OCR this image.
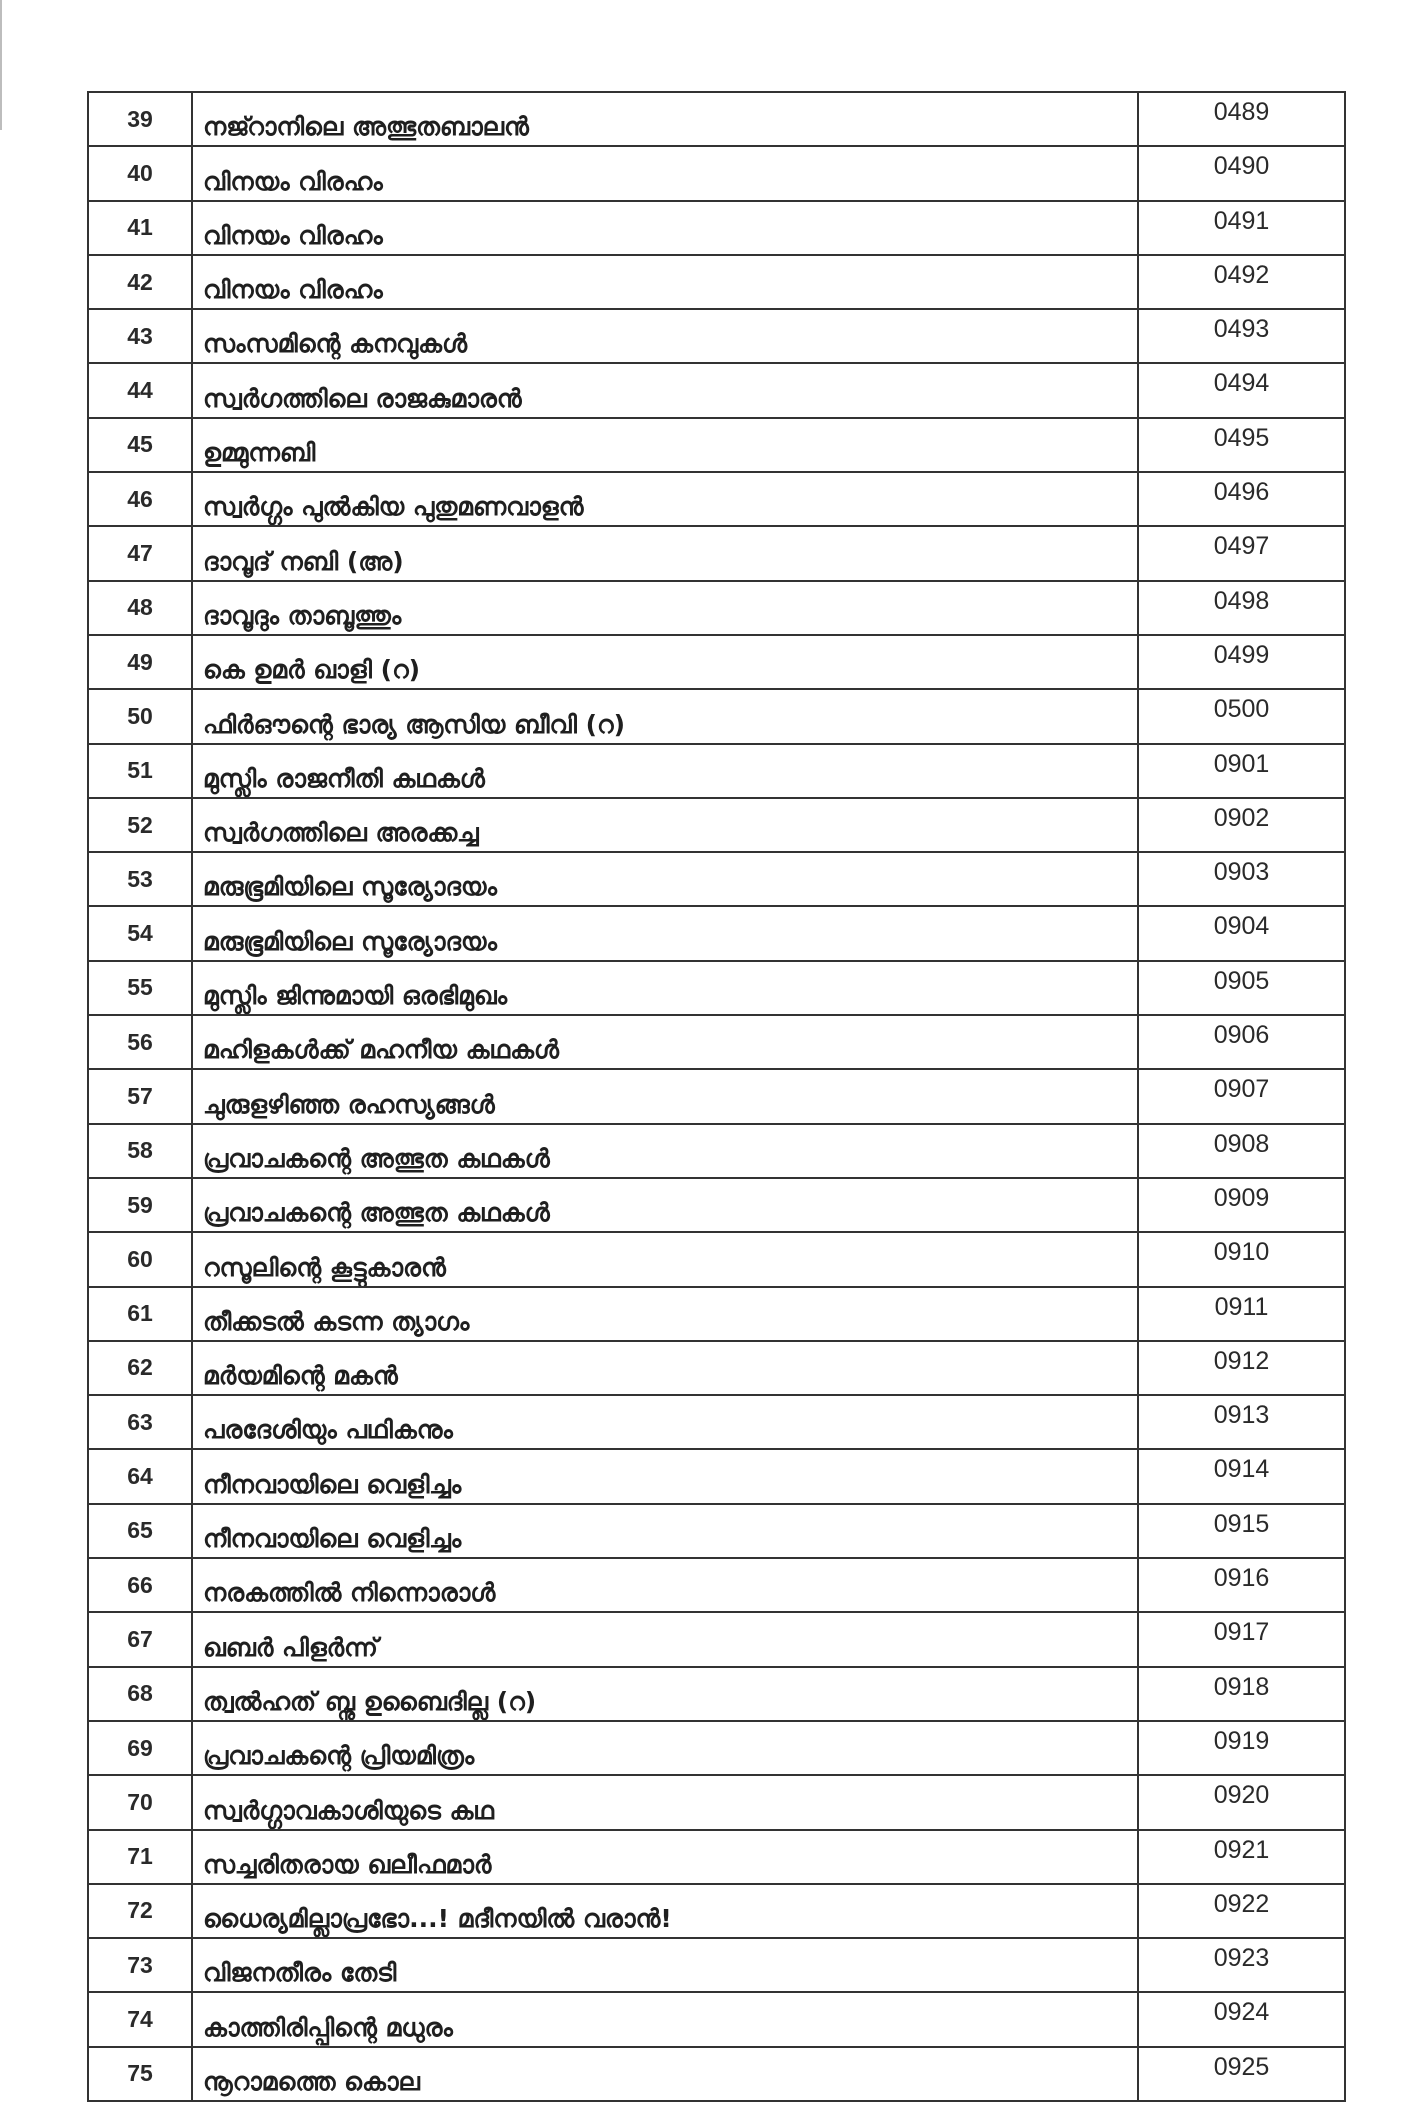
39	നജ്റാനിലെ അത്ഭുതബാലൻ	0489
40	വിനയം വിരഹം	0490
41	വിനയം വിരഹം	0491
42	വിനയം വിരഹം	0492
43	സംസമിന്റെ കനവുകൾ	0493
44	സ്വർഗത്തിലെ രാജകുമാരൻ	0494
45	ഉമ്മുന്നബി	0495
46	സ്വർഗ്ഗം പുൽകിയ പുതുമണവാളൻ	0496
47	ദാവൂദ് നബി (അ)	0497
48	ദാവൂദും താബൂത്തും	0498
49	കെ ഉമർ ഖാളി (റ)	0499
50	ഫിർഔന്റെ ഭാര്യ ആസിയ ബീവി (റ)	0500
51	മുസ്ലിം രാജനീതി കഥകൾ	0901
52	സ്വർഗത്തിലെ അരക്കച്ച	0902
53	മരുഭൂമിയിലെ സൂര്യോദയം	0903
54	മരുഭൂമിയിലെ സൂര്യോദയം	0904
55	മുസ്ലിം ജിന്നുമായി ഒരഭിമുഖം	0905
56	മഹിളകൾക്ക് മഹനീയ കഥകൾ	0906
57	ചുരുളഴിഞ്ഞ രഹസ്യങ്ങൾ	0907
58	പ്രവാചകന്റെ അത്ഭുത കഥകൾ	0908
59	പ്രവാചകന്റെ അത്ഭുത കഥകൾ	0909
60	റസൂലിന്റെ കൂട്ടുകാരൻ	0910
61	തീക്കടൽ കടന്ന ത്യാഗം	0911
62	മർയമിന്റെ മകൻ	0912
63	പരദേശിയും പഥികനും	0913
64	നീനവായിലെ വെളിച്ചം	0914
65	നീനവായിലെ വെളിച്ചം	0915
66	നരകത്തിൽ നിന്നൊരാൾ	0916
67	ഖബർ പിളർന്ന്	0917
68	ത്വൽഹത് ബ്നു ഉബൈദില്ല (റ)	0918
69	പ്രവാചകന്റെ പ്രിയമിത്രം	0919
70	സ്വർഗ്ഗാവകാശിയുടെ കഥ	0920
71	സച്ചരിതരായ ഖലീഫമാർ	0921
72	ധൈര്യമില്ലാപ്രഭോ...! മദീനയിൽ വരാൻ!	0922
73	വിജനതീരം തേടി	0923
74	കാത്തിരിപ്പിന്റെ മധുരം	0924
75	നൂറാമത്തെ കൊല	0925
